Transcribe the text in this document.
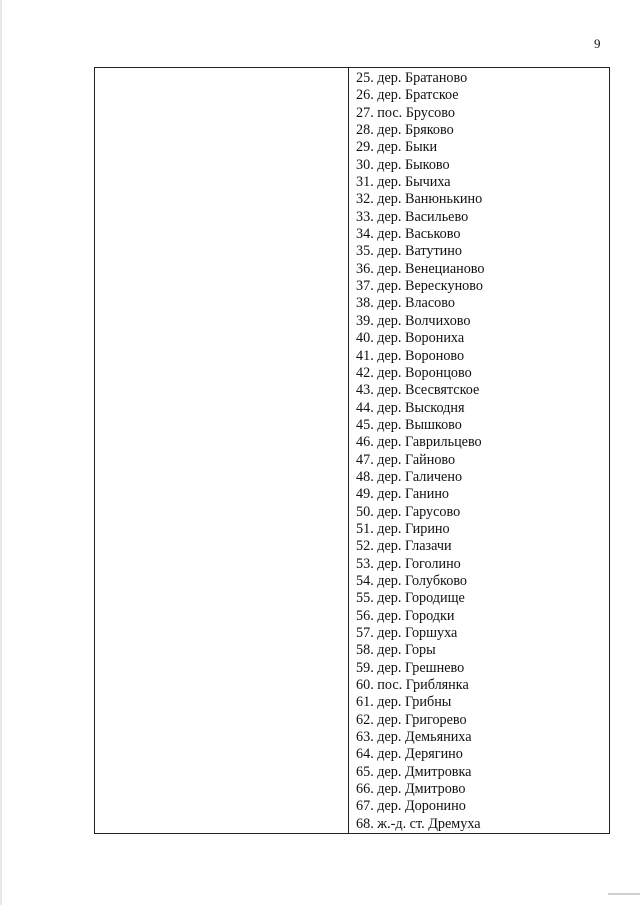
9
25. дер. Братаново
26. дер. Братское
27. пос. Брусово
28. дер. Бряково
29. дер. Быки
30. дер. Быково
31. дер. Бычиха
32. дер. Ванюнькино
33. дер. Васильево
34. дер. Васьково
35. дер. Ватутино
36. дер. Венецианово
37. дер. Верескуново
38. дер. Власово
39. дер. Волчихово
40. дер. Ворониха
41. дер. Вороново
42. дер. Воронцово
43. дер. Всесвятское
44. дер. Выскодня
45. дер. Вышково
46. дер. Гаврильцево
47. дер. Гайново
48. дер. Галичено
49. дер. Ганино
50. дер. Гарусово
51. дер. Гирино
52. дер. Глазачи
53. дер. Гоголино
54. дер. Голубково
55. дер. Городище
56. дер. Городки
57. дер. Горшуха
58. дер. Горы
59. дер. Грешнево
60. пос. Гриблянка
61. дер. Грибны
62. дер. Григорево
63. дер. Демьяниха
64. дер. Дерягино
65. дер. Дмитровка
66. дер. Дмитрово
67. дер. Доронино
68. ж.-д. ст. Дремуха
